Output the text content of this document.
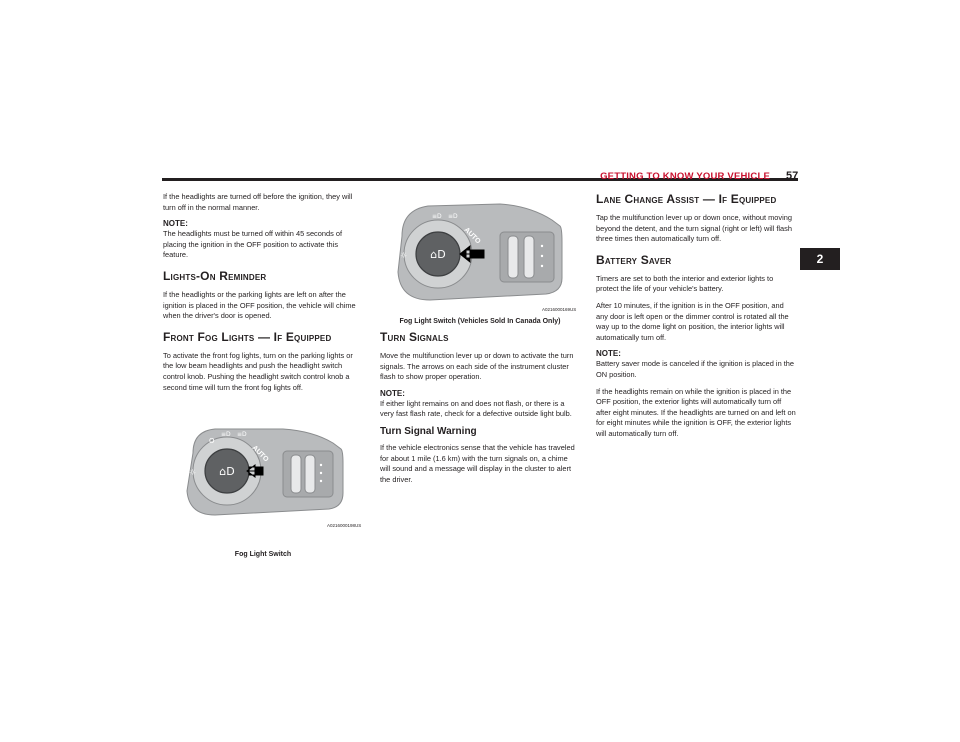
GETTING TO KNOW YOUR VEHICLE 57
2

If the headlights are turned off before the ignition, they will turn off in the normal manner.

NOTE:
The headlights must be turned off within 45 seconds of placing the ignition in the OFF position to activate this feature.
Lights-On Reminder

If the headlights or the parking lights are left on after the ignition is placed in the OFF position, the vehicle will chime when the driver's door is opened.

Front Fog Lights — If Equipped

To activate the front fog lights, turn on the parking lights or the low beam headlights and push the headlight switch control knob. Pushing the headlight switch control knob a second time will turn the front fog lights off.

⌂D
O
≡D ≡D
AUTO
☼
A0216000198US
Fog Light Switch
⌂D
≡D ≡D
AUTO
☼
A0216000169US
Fog Light Switch (Vehicles Sold In Canada Only)
Turn Signals

Move the multifunction lever up or down to activate the turn signals. The arrows on each side of the instrument cluster flash to show proper operation.

NOTE:
If either light remains on and does not flash, or there is a very fast flash rate, check for a defective outside light bulb.
Turn Signal Warning

If the vehicle electronics sense that the vehicle has traveled for about 1 mile (1.6 km) with the turn signals on, a chime will sound and a message will display in the cluster to alert the driver.

Lane Change Assist — If Equipped

Tap the multifunction lever up or down once, without moving beyond the detent, and the turn signal (right or left) will flash three times then automatically turn off.

Battery Saver

Timers are set to both the interior and exterior lights to protect the life of your vehicle's battery.

After 10 minutes, if the ignition is in the OFF position, and any door is left open or the dimmer control is rotated all the way up to the dome light on position, the interior lights will automatically turn off.

NOTE:
Battery saver mode is canceled if the ignition is placed in the ON position.

If the headlights remain on while the ignition is placed in the OFF position, the exterior lights will automatically turn off after eight minutes. If the headlights are turned on and left on for eight minutes while the ignition is OFF, the exterior lights will automatically turn off.
